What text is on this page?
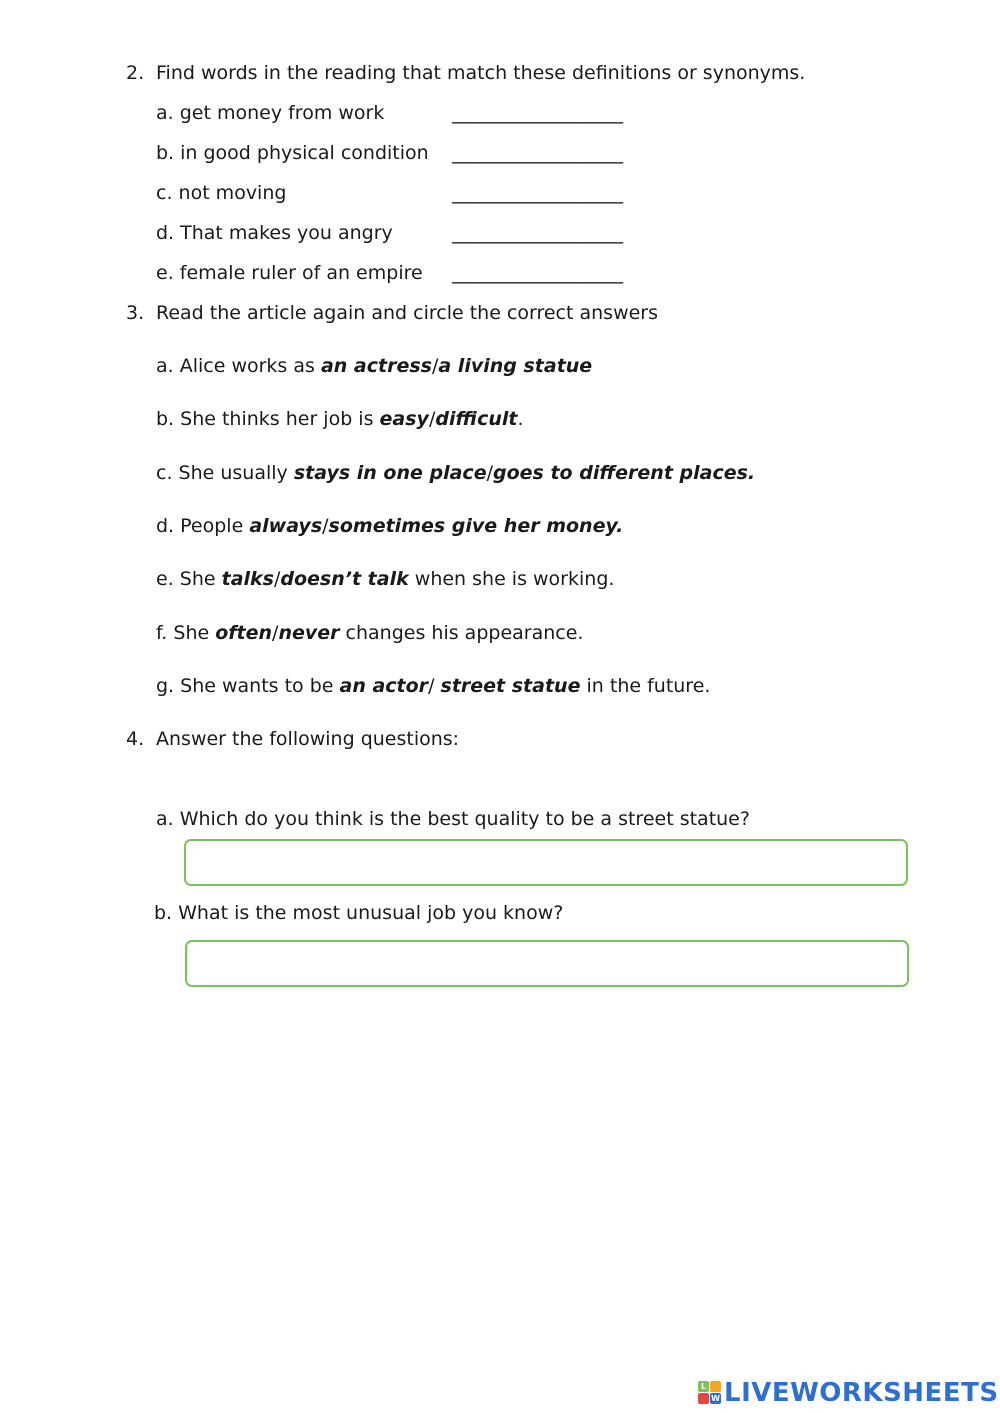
2. Find words in the reading that match these definitions or synonyms.
a. get money from work	__________________
b. in good physical condition __________________
c. not moving	__________________
d. That makes you angry	__________________
e. female ruler of an empire __________________
3. Read the article again and circle the correct answers
a. Alice works as an actress/a living statue
b. She thinks her job is easy/difficult.
c. She usually stays in one place/goes to different places.
d. People always/sometimes give her money.
e. She talks/doesn’t talk when she is working.
f. She often/never changes his appearance.
g. She wants to be an actor/ street statue in the future.
4. Answer the following questions:
a. Which do you think is the best quality to be a street statue?
b. What is the most unusual job you know?
L
W LIVEWORKSHEETS
